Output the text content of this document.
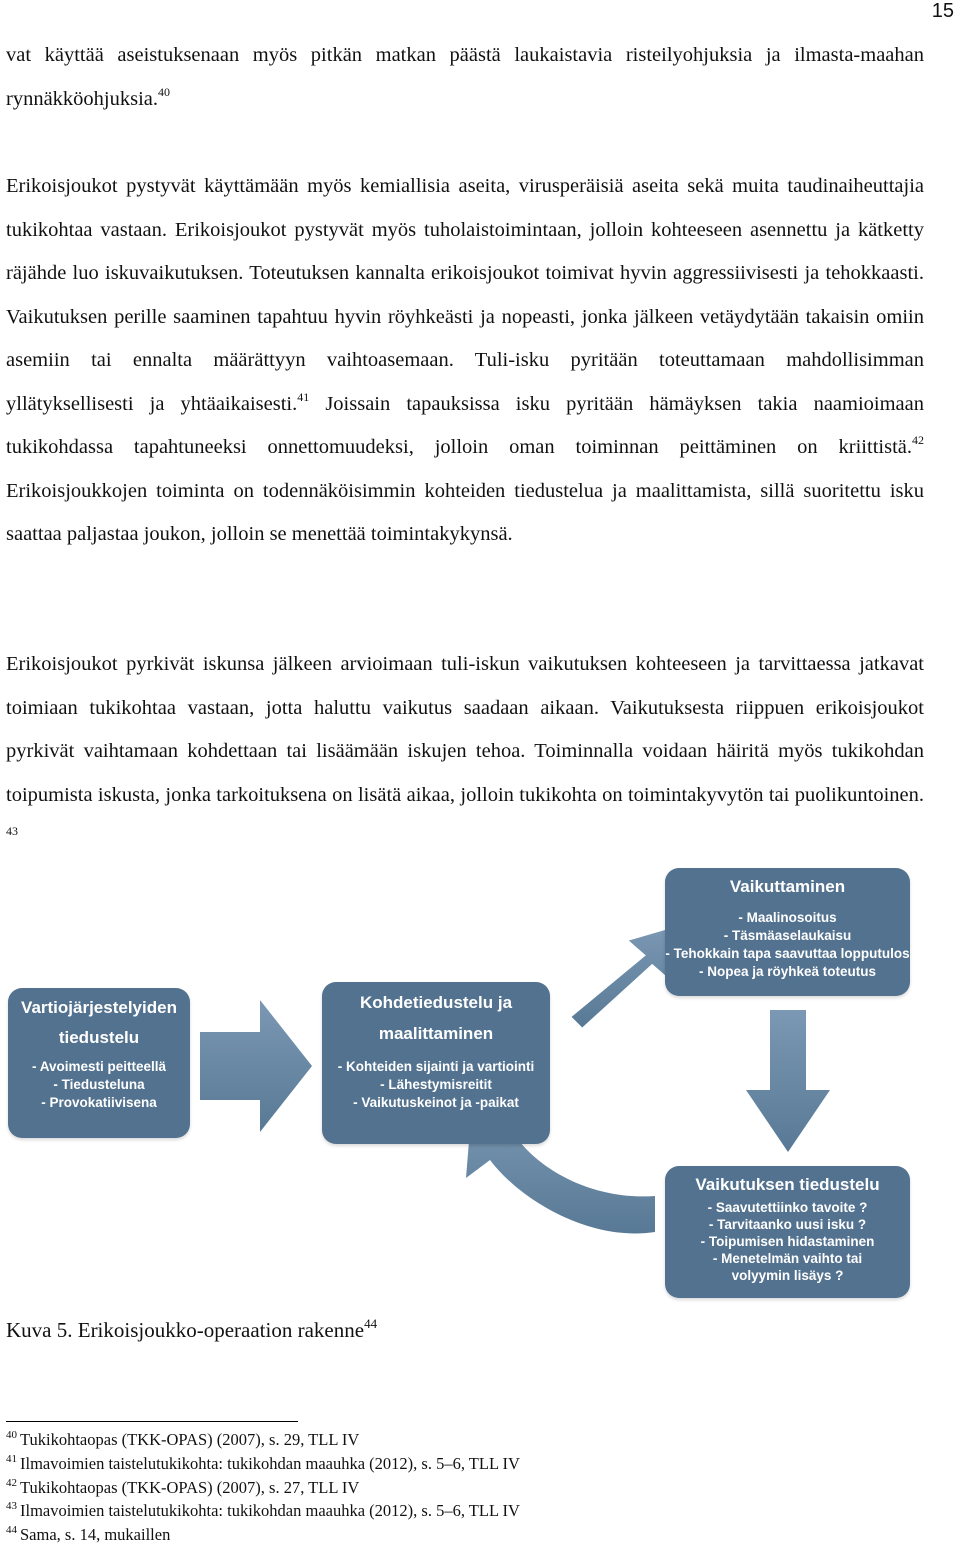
15

vat käyttää aseistuksenaan myös pitkän matkan päästä laukaistavia risteilyohjuksia ja ilmasta-maahan rynnäkköohjuksia.$^{40}$

Erikoisjoukot pystyvät käyttämään myös kemiallisia aseita, virusperäisiä aseita sekä muita taudinaiheuttajia tukikohtaa vastaan. Erikoisjoukot pystyvät myös tuholaistoimintaan, jolloin kohteeseen asennettu ja kätketty räjähde luo iskuvaikutuksen. Toteutuksen kannalta erikoisjoukot toimivat hyvin aggressiivisesti ja tehokkaasti. Vaikutuksen perille saaminen tapahtuu hyvin röyhkeästi ja nopeasti, jonka jälkeen vetäydytään takaisin omiin asemiin tai ennalta määrättyyn vaihtoasemaan. Tuli-isku pyritään toteuttamaan mahdollisimman yllätyksellisesti ja yhtäaikaisesti.$^{41}$ Joissain tapauksissa isku pyritään hämäyksen takia naamioimaan tukikohdassa tapahtuneeksi onnettomuudeksi, jolloin oman toiminnan peittäminen on kriittistä.$^{42}$ Erikoisjoukkojen toiminta on todennäköisimmin kohteiden tiedustelua ja maalittamista, sillä suoritettu isku saattaa paljastaa joukon, jolloin se menettää toimintakykynsä.

Erikoisjoukot pyrkivät iskunsa jälkeen arvioimaan tuli-iskun vaikutuksen kohteeseen ja tarvittaessa jatkavat toimiaan tukikohtaa vastaan, jotta haluttu vaikutus saadaan aikaan. Vaikutuksesta riippuen erikoisjoukot pyrkivät vaihtamaan kohdettaan tai lisäämään iskujen tehoa. Toiminnalla voidaan häiritä myös tukikohdan toipumista iskusta, jonka tarkoituksena on lisätä aikaa, jolloin tukikohta on toimintakyvytön tai puolikuntoinen. $^{43}$

Vartiojärjestelyiden
tiedustelu
- Avoimesti peitteellä
- Tiedusteluna
- Provokatiivisena
Kohdetiedustelu ja
maalittaminen
- Kohteiden sijainti ja vartiointi
- Lähestymisreitit
- Vaikutuskeinot ja -paikat
Vaikuttaminen
- Maalinosoitus
- Täsmäaselaukaisu
- Tehokkain tapa saavuttaa lopputulos
- Nopea ja röyhkeä toteutus
Vaikutuksen tiedustelu
- Saavutettiinko tavoite ?
- Tarvitaanko uusi isku ?
- Toipumisen hidastaminen
- Menetelmän vaihto tai
volyymin lisäys ?
Kuva 5. Erikoisjoukko-operaation rakenne$^{44}$
$^{40}$ Tukikohtaopas (TKK-OPAS) (2007), s. 29, TLL IV
$^{41}$ Ilmavoimien taistelutukikohta: tukikohdan maauhka (2012), s. 5–6, TLL IV
$^{42}$ Tukikohtaopas (TKK-OPAS) (2007), s. 27, TLL IV
$^{43}$ Ilmavoimien taistelutukikohta: tukikohdan maauhka (2012), s. 5–6, TLL IV
$^{44}$ Sama, s. 14, mukaillen
